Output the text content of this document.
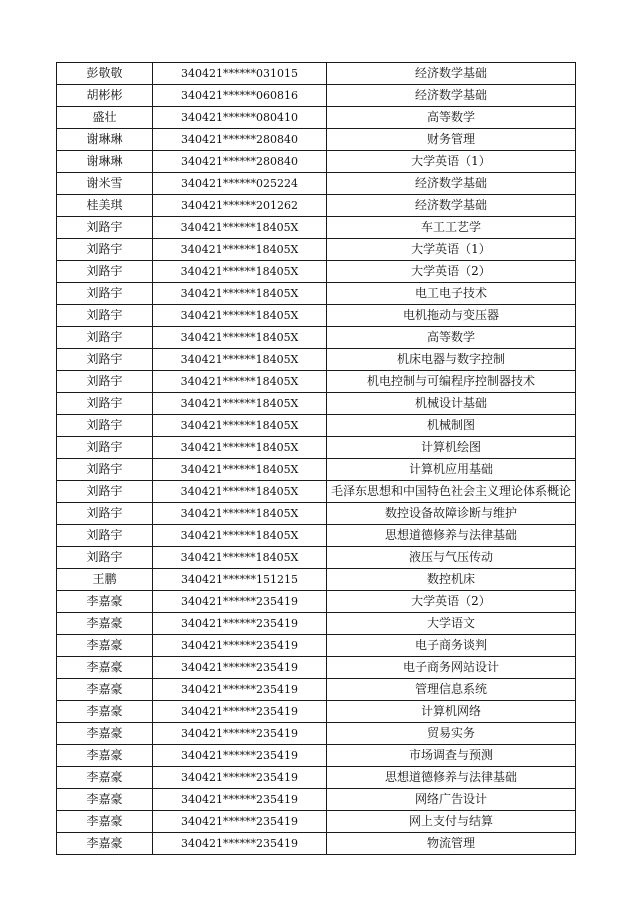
彭敬敬	340421******031015	经济数学基础
胡彬彬	340421******060816	经济数学基础
盛壮	340421******080410	高等数学
谢琳琳	340421******280840	财务管理
谢琳琳	340421******280840	大学英语（1）
谢米雪	340421******025224	经济数学基础
桂美琪	340421******201262	经济数学基础
刘路宇	340421******18405X	车工工艺学
刘路宇	340421******18405X	大学英语（1）
刘路宇	340421******18405X	大学英语（2）
刘路宇	340421******18405X	电工电子技术
刘路宇	340421******18405X	电机拖动与变压器
刘路宇	340421******18405X	高等数学
刘路宇	340421******18405X	机床电器与数字控制
刘路宇	340421******18405X	机电控制与可编程序控制器技术
刘路宇	340421******18405X	机械设计基础
刘路宇	340421******18405X	机械制图
刘路宇	340421******18405X	计算机绘图
刘路宇	340421******18405X	计算机应用基础
刘路宇	340421******18405X	毛泽东思想和中国特色社会主义理论体系概论
刘路宇	340421******18405X	数控设备故障诊断与维护
刘路宇	340421******18405X	思想道德修养与法律基础
刘路宇	340421******18405X	液压与气压传动
王鹏	340421******151215	数控机床
李嘉豪	340421******235419	大学英语（2）
李嘉豪	340421******235419	大学语文
李嘉豪	340421******235419	电子商务谈判
李嘉豪	340421******235419	电子商务网站设计
李嘉豪	340421******235419	管理信息系统
李嘉豪	340421******235419	计算机网络
李嘉豪	340421******235419	贸易实务
李嘉豪	340421******235419	市场调查与预测
李嘉豪	340421******235419	思想道德修养与法律基础
李嘉豪	340421******235419	网络广告设计
李嘉豪	340421******235419	网上支付与结算
李嘉豪	340421******235419	物流管理
